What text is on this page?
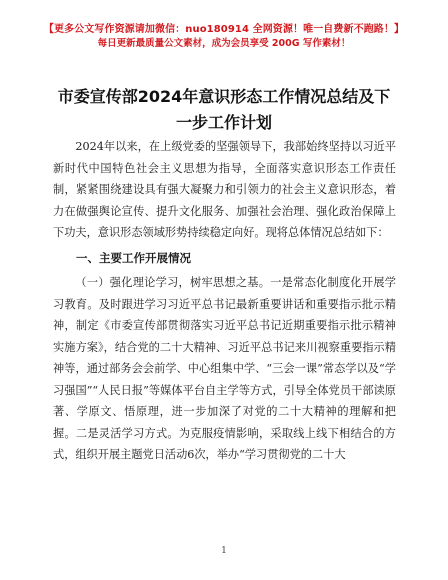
【更多公文写作资源请加微信：nuo180914 全网资源！唯一自费新不跑路！】
每日更新最质量公文素材，成为会员享受 200G 写作素材！
市委宣传部2024年意识形态工作情况总结及下一步工作计划

2024年以来，在上级党委的坚强领导下，我部始终坚持以习近平新时代中国特色社会主义思想为指导，全面落实意识形态工作责任制，紧紧围绕建设具有强大凝聚力和引领力的社会主义意识形态，着力在做强舆论宣传、提升文化服务、加强社会治理、强化政治保障上下功夫，意识形态领域形势持续稳定向好。现将总体情况总结如下：

一、主要工作开展情况

（一）强化理论学习，树牢思想之基。一是常态化制度化开展学习教育。及时跟进学习习近平总书记最新重要讲话和重要指示批示精神，制定《市委宣传部贯彻落实习近平总书记近期重要指示批示精神实施方案》，结合党的二十大精神、习近平总书记来川视察重要指示精神等，通过部务会会前学、中心组集中学、“三会一课”常态学以及“学习强国”“人民日报”等媒体平台自主学等方式，引导全体党员干部读原著、学原文、悟原理，进一步加深了对党的二十大精神的理解和把握。二是灵活学习方式。为克服疫情影响，采取线上线下相结合的方式，组织开展主题党日活动6次，举办“学习贯彻党的二十大

1
